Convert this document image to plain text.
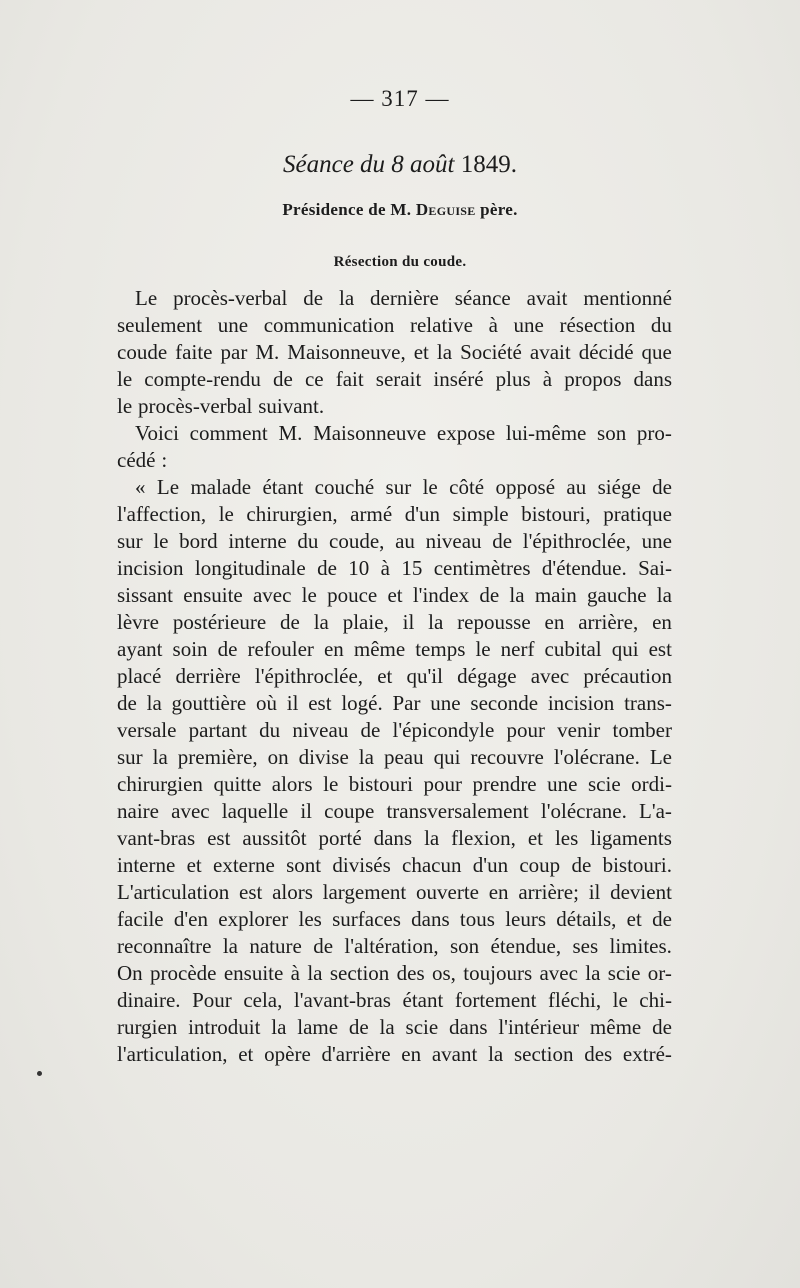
— 317 —
Séance du 8 août 1849.
Présidence de M. Deguise père.
Résection du coude.
Le procès-verbal de la dernière séance avait mentionné
seulement une communication relative à une résection du
coude faite par M. Maisonneuve, et la Société avait décidé que
le compte-rendu de ce fait serait inséré plus à propos dans
le procès-verbal suivant.
Voici comment M. Maisonneuve expose lui-même son pro-
cédé :
« Le malade étant couché sur le côté opposé au siége de
l'affection, le chirurgien, armé d'un simple bistouri, pratique
sur le bord interne du coude, au niveau de l'épithroclée, une
incision longitudinale de 10 à 15 centimètres d'étendue. Sai-
sissant ensuite avec le pouce et l'index de la main gauche la
lèvre postérieure de la plaie, il la repousse en arrière, en
ayant soin de refouler en même temps le nerf cubital qui est
placé derrière l'épithroclée, et qu'il dégage avec précaution
de la gouttière où il est logé. Par une seconde incision trans-
versale partant du niveau de l'épicondyle pour venir tomber
sur la première, on divise la peau qui recouvre l'olécrane. Le
chirurgien quitte alors le bistouri pour prendre une scie ordi-
naire avec laquelle il coupe transversalement l'olécrane. L'a-
vant-bras est aussitôt porté dans la flexion, et les ligaments
interne et externe sont divisés chacun d'un coup de bistouri.
L'articulation est alors largement ouverte en arrière; il devient
facile d'en explorer les surfaces dans tous leurs détails, et de
reconnaître la nature de l'altération, son étendue, ses limites.
On procède ensuite à la section des os, toujours avec la scie or-
dinaire. Pour cela, l'avant-bras étant fortement fléchi, le chi-
rurgien introduit la lame de la scie dans l'intérieur même de
l'articulation, et opère d'arrière en avant la section des extré-
